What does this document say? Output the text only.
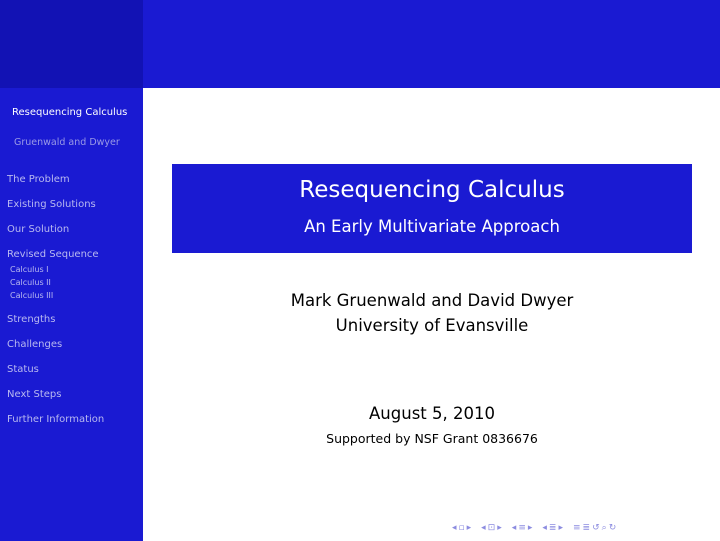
Resequencing Calculus
Gruenwald and Dwyer
The Problem
Existing Solutions
Our Solution
Revised Sequence
Calculus I
Calculus II
Calculus III
Strengths
Challenges
Status
Next Steps
Further Information
Resequencing Calculus
An Early Multivariate Approach
Mark Gruenwald and David Dwyer
University of Evansville
August 5, 2010
Supported by NSF Grant 0836676
◂ ▫ ▸ ◂ ⊡ ▸ ◂ ≡ ▸ ◂ ≣ ▸ ≡ ≣ ↺ ⌕ ↻
